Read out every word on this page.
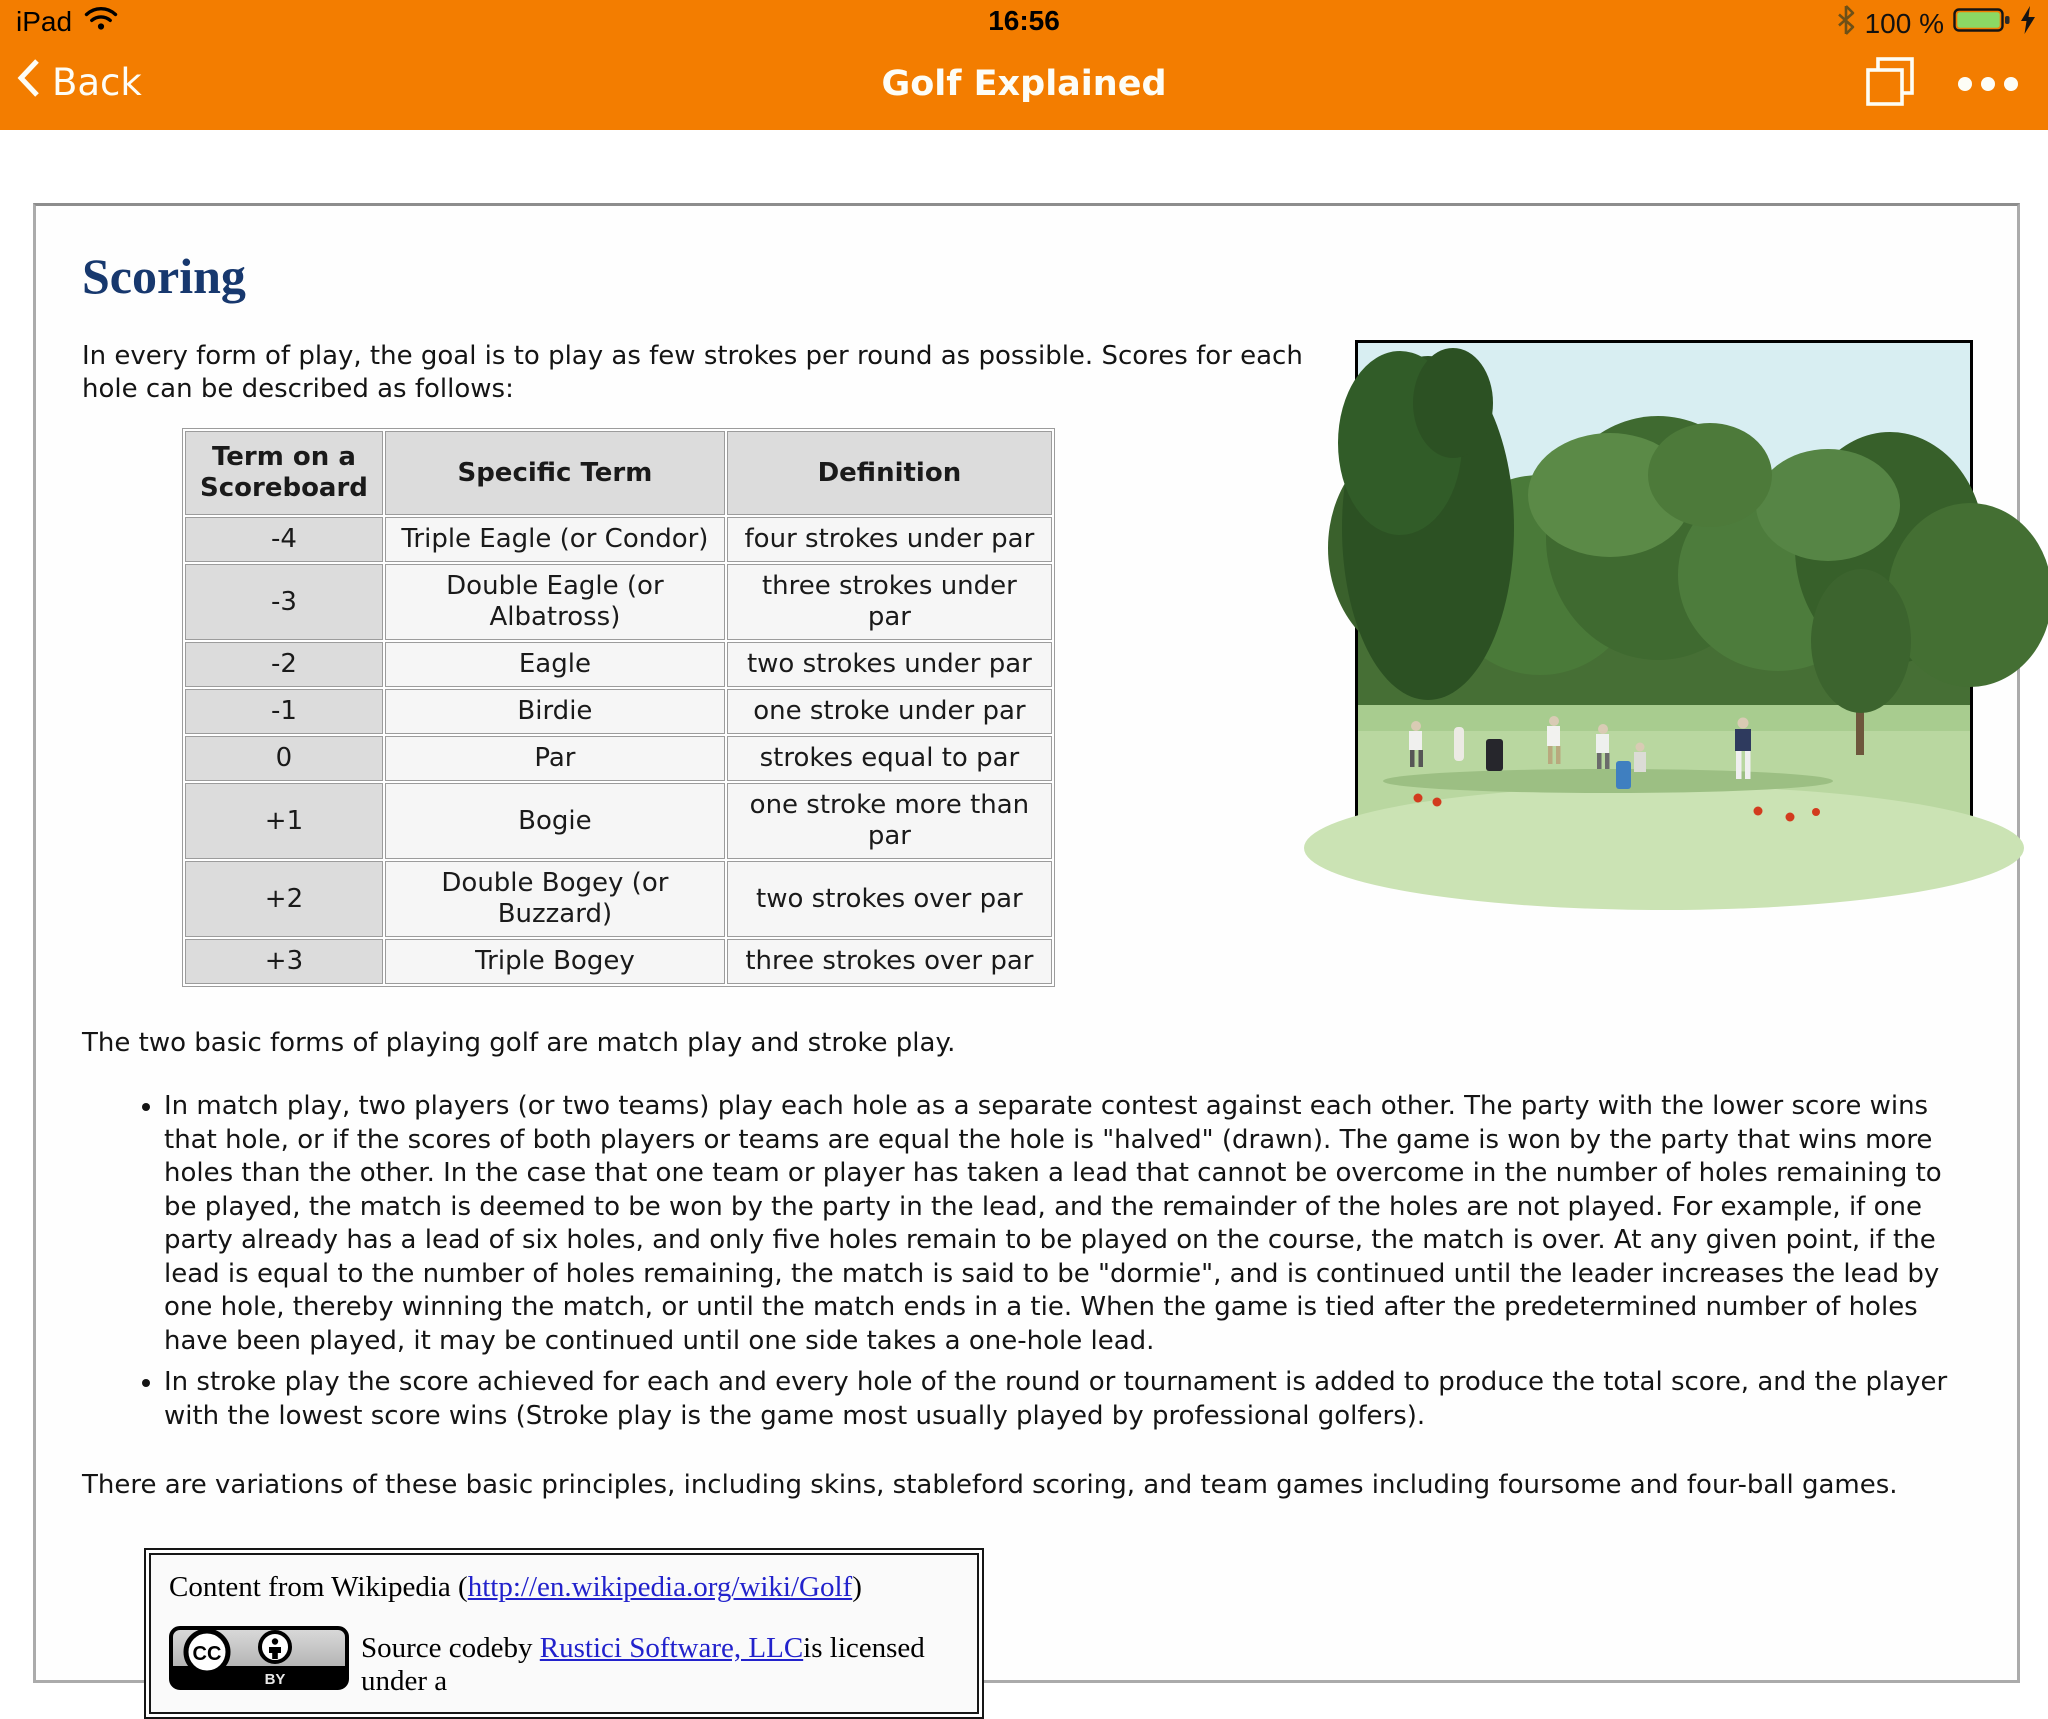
iPad	16:56	100 %
Back	Golf Explained
Scoring

In every form of play, the goal is to play as few strokes per round as possible. Scores for each hole can be described as follows:

Term on a Scoreboard	Specific Term	Definition
-4	Triple Eagle (or Condor)	four strokes under par
-3	Double Eagle (or Albatross)	three strokes under par
-2	Eagle	two strokes under par
-1	Birdie	one stroke under par
0	Par	strokes equal to par
+1	Bogie	one stroke more than par
+2	Double Bogey (or Buzzard)	two strokes over par
+3	Triple Bogey	three strokes over par

The two basic forms of playing golf are match play and stroke play.

• In match play, two players (or two teams) play each hole as a separate contest against each other. The party with the lower score wins that hole, or if the scores of both players or teams are equal the hole is "halved" (drawn). The game is won by the party that wins more holes than the other. In the case that one team or player has taken a lead that cannot be overcome in the number of holes remaining to be played, the match is deemed to be won by the party in the lead, and the remainder of the holes are not played. For example, if one party already has a lead of six holes, and only five holes remain to be played on the course, the match is over. At any given point, if the lead is equal to the number of holes remaining, the match is said to be "dormie", and is continued until the leader increases the lead by one hole, thereby winning the match, or until the match ends in a tie. When the game is tied after the predetermined number of holes have been played, it may be continued until one side takes a one-hole lead.
• In stroke play the score achieved for each and every hole of the round or tournament is added to produce the total score, and the player with the lowest score wins (Stroke play is the game most usually played by professional golfers).

There are variations of these basic principles, including skins, stableford scoring, and team games including foursome and four-ball games.

Content from Wikipedia (http://en.wikipedia.org/wiki/Golf)
CC
BY
Source codeby Rustici Software, LLCis licensed under a
